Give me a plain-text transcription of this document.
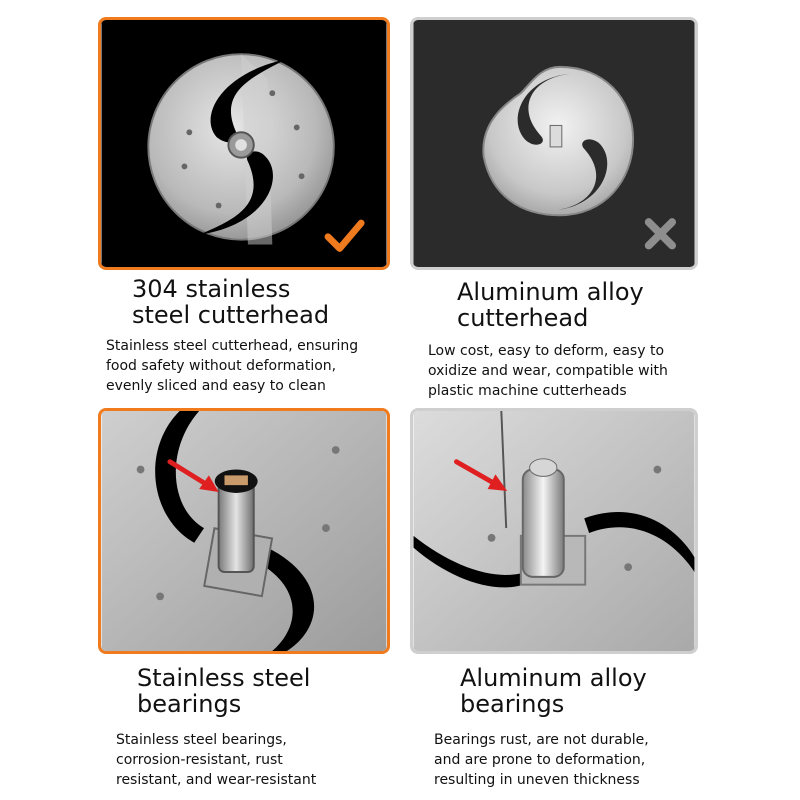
304 stainless
steel cutterhead
Aluminum alloy
cutterhead
Stainless steel
bearings
Aluminum alloy
bearings
Stainless steel cutterhead, ensuring
food safety without deformation,
evenly sliced and easy to clean
Low cost, easy to deform, easy to
oxidize and wear, compatible with
plastic machine cutterheads
Stainless steel bearings,
corrosion-resistant, rust
resistant, and wear-resistant
Bearings rust, are not durable,
and are prone to deformation,
resulting in uneven thickness
